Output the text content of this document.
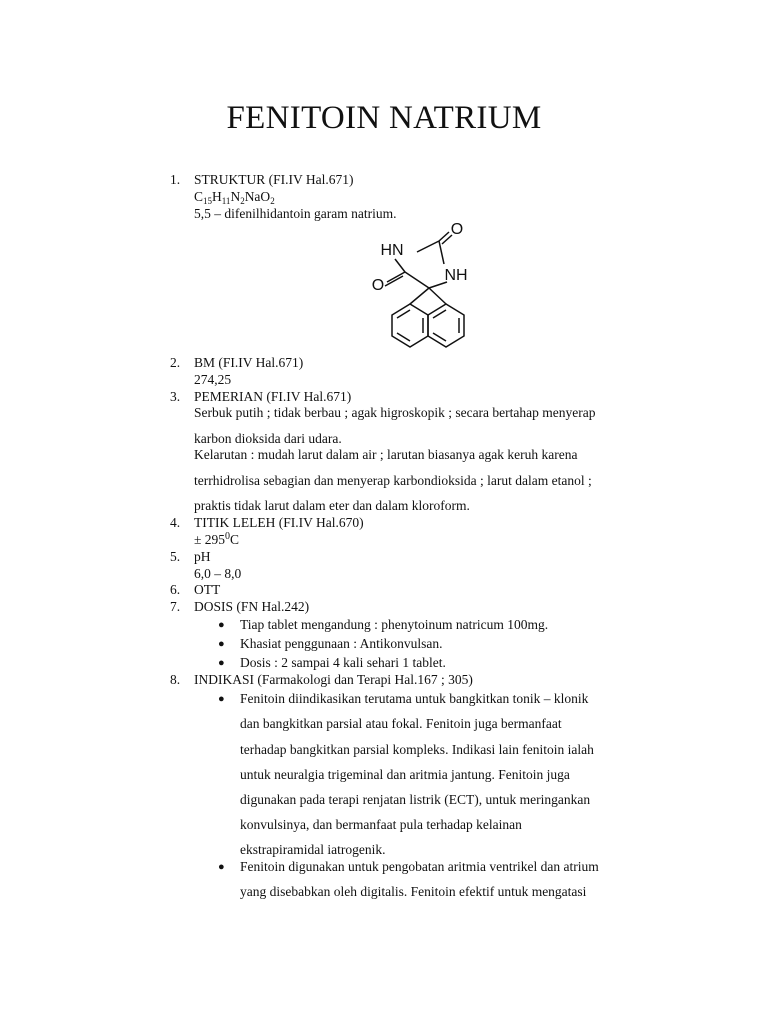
FENITOIN NATRIUM
1. STRUKTUR (FI.IV Hal.671)
$C_{15}H_{11}N_2NaO_2$
5,5 – difenilhidantoin garam natrium.
HN
NH
O
O
2. BM (FI.IV Hal.671)
274,25
3. PEMERIAN (FI.IV Hal.671)
Serbuk putih ; tidak berbau ; agak higroskopik ; secara bertahap menyerap
karbon dioksida dari udara.
Kelarutan : mudah larut dalam air ; larutan biasanya agak keruh karena
terrhidrolisa sebagian dan menyerap karbondioksida ; larut dalam etanol ;
praktis tidak larut dalam eter dan dalam kloroform.
4. TITIK LELEH (FI.IV Hal.670)
± $295^0C$
5. pH
6,0 – 8,0
6. OTT
7. DOSIS (FN Hal.242)
● Tiap tablet mengandung : phenytoinum natricum 100mg.
● Khasiat penggunaan : Antikonvulsan.
● Dosis : 2 sampai 4 kali sehari 1 tablet.
8. INDIKASI (Farmakologi dan Terapi Hal.167 ; 305)
● Fenitoin diindikasikan terutama untuk bangkitkan tonik – klonik
dan bangkitkan parsial atau fokal. Fenitoin juga bermanfaat
terhadap bangkitkan parsial kompleks. Indikasi lain fenitoin ialah
untuk neuralgia trigeminal dan aritmia jantung. Fenitoin juga
digunakan pada terapi renjatan listrik (ECT), untuk meringankan
konvulsinya, dan bermanfaat pula terhadap kelainan
ekstrapiramidal iatrogenik.
● Fenitoin digunakan untuk pengobatan aritmia ventrikel dan atrium
yang disebabkan oleh digitalis. Fenitoin efektif untuk mengatasi
